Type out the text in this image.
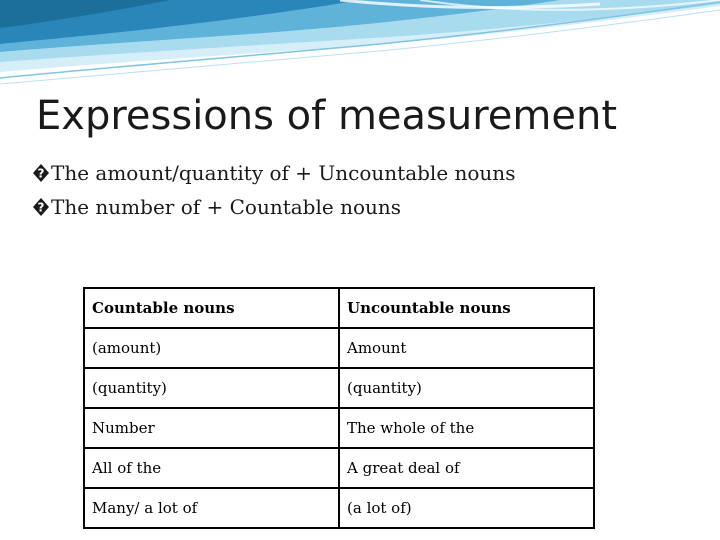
Expressions of measurement
? The amount/quantity of + Uncountable nouns
? The number of + Countable nouns
Countable nouns	Uncountable nouns
(amount)	Amount
(quantity)	(quantity)
Number	The whole of the
All of the	A great deal of
Many/ a lot of	(a lot of)
